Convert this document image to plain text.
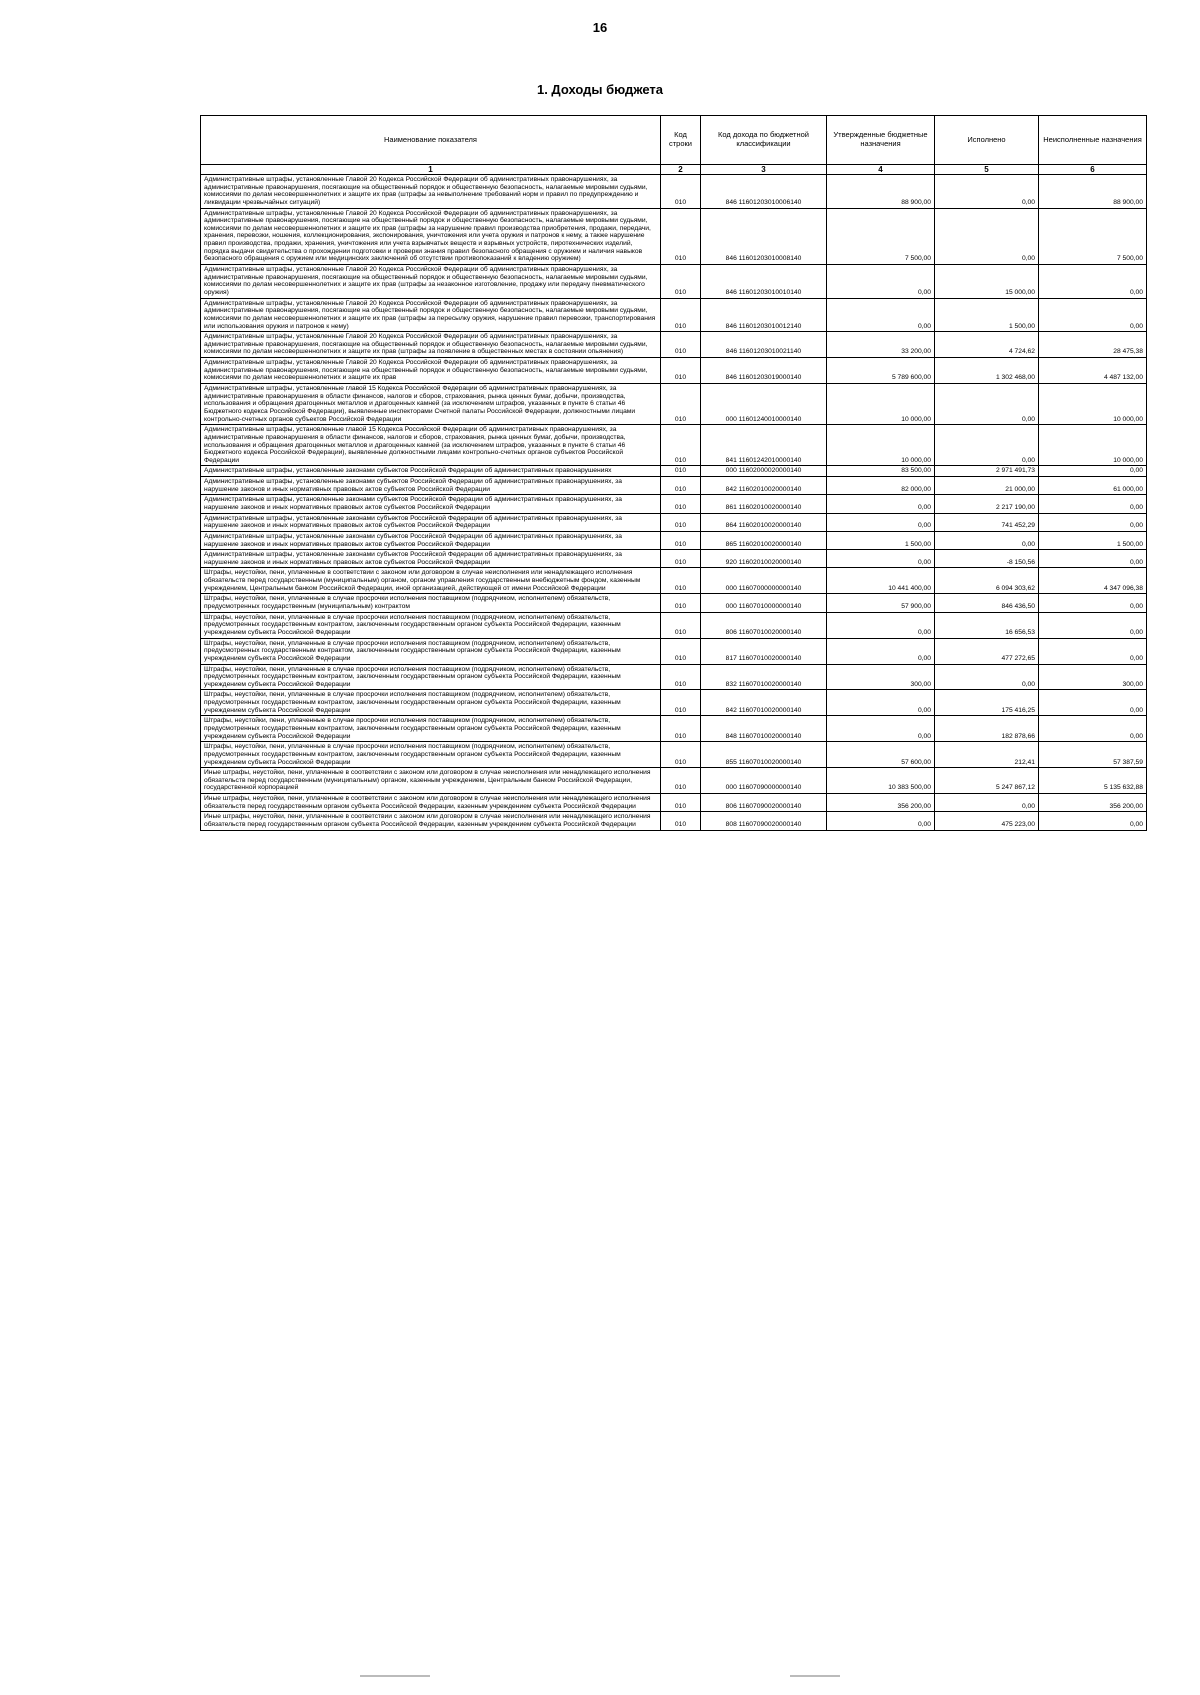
16
1. Доходы бюджета
Наименование показателя	Код строки	Код дохода по бюджетной классификации	Утвержденные бюджетные назначения	Исполнено	Неисполненные назначения
1	2	3	4	5	6
Административные штрафы, установленные Главой 20 Кодекса Российской Федерации об административных правонарушениях, за административные правонарушения, посягающие на общественный порядок и общественную безопасность, налагаемые мировыми судьями, комиссиями по делам несовершеннолетних и защите их прав (штрафы за невыполнение требований норм и правил по предупреждению и ликвидации чрезвычайных ситуаций)	010	846 11601203010006140	88 900,00	0,00	88 900,00
Административные штрафы, установленные Главой 20 Кодекса Российской Федерации об административных правонарушениях, за административные правонарушения, посягающие на общественный порядок и общественную безопасность, налагаемые мировыми судьями, комиссиями по делам несовершеннолетних и защите их прав (штрафы за нарушение правил производства приобретения, продажи, передачи, хранения, перевозки, ношения, коллекционирования, экспонирования, уничтожения или учета оружия и патронов к нему, а также нарушение правил производства, продажи, хранения, уничтожения или учета взрывчатых веществ и взрывных устройств, пиротехнических изделий, порядка выдачи свидетельства о прохождении подготовки и проверки знания правил безопасного обращения с оружием и наличия навыков безопасного обращения с оружием или медицинских заключений об отсутствии противопоказаний к владению оружием)	010	846 11601203010008140	7 500,00	0,00	7 500,00
Административные штрафы, установленные Главой 20 Кодекса Российской Федерации об административных правонарушениях, за административные правонарушения, посягающие на общественный порядок и общественную безопасность, налагаемые мировыми судьями, комиссиями по делам несовершеннолетних и защите их прав (штрафы за незаконное изготовление, продажу или передачу пневматического оружия)	010	846 11601203010010140	0,00	15 000,00	0,00
Административные штрафы, установленные Главой 20 Кодекса Российской Федерации об административных правонарушениях, за административные правонарушения, посягающие на общественный порядок и общественную безопасность, налагаемые мировыми судьями, комиссиями по делам несовершеннолетних и защите их прав (штрафы за пересылку оружия, нарушение правил перевозки, транспортирования или использования оружия и патронов к нему)	010	846 11601203010012140	0,00	1 500,00	0,00
Административные штрафы, установленные Главой 20 Кодекса Российской Федерации об административных правонарушениях, за административные правонарушения, посягающие на общественный порядок и общественную безопасность, налагаемые мировыми судьями, комиссиями по делам несовершеннолетних и защите их прав (штрафы за появление в общественных местах в состоянии опьянения)	010	846 11601203010021140	33 200,00	4 724,62	28 475,38
Административные штрафы, установленные Главой 20 Кодекса Российской Федерации об административных правонарушениях, за административные правонарушения, посягающие на общественный порядок и общественную безопасность, налагаемые мировыми судьями, комиссиями по делам несовершеннолетних и защите их прав	010	846 11601203019000140	5 789 600,00	1 302 468,00	4 487 132,00
Административные штрафы, установленные главой 15 Кодекса Российской Федерации об административных правонарушениях, за административные правонарушения в области финансов, налогов и сборов, страхования, рынка ценных бумаг, добычи, производства, использования и обращения драгоценных металлов и драгоценных камней (за исключением штрафов, указанных в пункте 6 статьи 46 Бюджетного кодекса Российской Федерации), выявленные инспекторами Счетной палаты Российской Федерации, должностными лицами контрольно-счетных органов субъектов Российской Федерации	010	000 11601240010000140	10 000,00	0,00	10 000,00
Административные штрафы, установленные главой 15 Кодекса Российской Федерации об административных правонарушениях, за административные правонарушения в области финансов, налогов и сборов, страхования, рынка ценных бумаг, добычи, производства, использования и обращения драгоценных металлов и драгоценных камней (за исключением штрафов, указанных в пункте 6 статьи 46 Бюджетного кодекса Российской Федерации), выявленные должностными лицами контрольно-счетных органов субъектов Российской Федерации	010	841 11601242010000140	10 000,00	0,00	10 000,00
Административные штрафы, установленные законами субъектов Российской Федерации об административных правонарушениях	010	000 11602000020000140	83 500,00	2 971 491,73	0,00
Административные штрафы, установленные законами субъектов Российской Федерации об административных правонарушениях, за нарушение законов и иных нормативных правовых актов субъектов Российской Федерации	010	842 11602010020000140	82 000,00	21 000,00	61 000,00
Административные штрафы, установленные законами субъектов Российской Федерации об административных правонарушениях, за нарушение законов и иных нормативных правовых актов субъектов Российской Федерации	010	861 11602010020000140	0,00	2 217 190,00	0,00
Административные штрафы, установленные законами субъектов Российской Федерации об административных правонарушениях, за нарушение законов и иных нормативных правовых актов субъектов Российской Федерации	010	864 11602010020000140	0,00	741 452,29	0,00
Административные штрафы, установленные законами субъектов Российской Федерации об административных правонарушениях, за нарушение законов и иных нормативных правовых актов субъектов Российской Федерации	010	865 11602010020000140	1 500,00	0,00	1 500,00
Административные штрафы, установленные законами субъектов Российской Федерации об административных правонарушениях, за нарушение законов и иных нормативных правовых актов субъектов Российской Федерации	010	920 11602010020000140	0,00	-8 150,56	0,00
Штрафы, неустойки, пени, уплаченные в соответствии с законом или договором в случае неисполнения или ненадлежащего исполнения обязательств перед государственным (муниципальным) органом, органом управления государственным внебюджетным фондом, казенным учреждением, Центральным банком Российской Федерации, иной организацией, действующей от имени Российской Федерации	010	000 11607000000000140	10 441 400,00	6 094 303,62	4 347 096,38
Штрафы, неустойки, пени, уплаченные в случае просрочки исполнения поставщиком (подрядчиком, исполнителем) обязательств, предусмотренных государственным (муниципальным) контрактом	010	000 11607010000000140	57 900,00	846 436,50	0,00
Штрафы, неустойки, пени, уплаченные в случае просрочки исполнения поставщиком (подрядчиком, исполнителем) обязательств, предусмотренных государственным контрактом, заключенным государственным органом субъекта Российской Федерации, казенным учреждением субъекта Российской Федерации	010	806 11607010020000140	0,00	16 656,53	0,00
Штрафы, неустойки, пени, уплаченные в случае просрочки исполнения поставщиком (подрядчиком, исполнителем) обязательств, предусмотренных государственным контрактом, заключенным государственным органом субъекта Российской Федерации, казенным учреждением субъекта Российской Федерации	010	817 11607010020000140	0,00	477 272,65	0,00
Штрафы, неустойки, пени, уплаченные в случае просрочки исполнения поставщиком (подрядчиком, исполнителем) обязательств, предусмотренных государственным контрактом, заключенным государственным органом субъекта Российской Федерации, казенным учреждением субъекта Российской Федерации	010	832 11607010020000140	300,00	0,00	300,00
Штрафы, неустойки, пени, уплаченные в случае просрочки исполнения поставщиком (подрядчиком, исполнителем) обязательств, предусмотренных государственным контрактом, заключенным государственным органом субъекта Российской Федерации, казенным учреждением субъекта Российской Федерации	010	842 11607010020000140	0,00	175 416,25	0,00
Штрафы, неустойки, пени, уплаченные в случае просрочки исполнения поставщиком (подрядчиком, исполнителем) обязательств, предусмотренных государственным контрактом, заключенным государственным органом субъекта Российской Федерации, казенным учреждением субъекта Российской Федерации	010	848 11607010020000140	0,00	182 878,66	0,00
Штрафы, неустойки, пени, уплаченные в случае просрочки исполнения поставщиком (подрядчиком, исполнителем) обязательств, предусмотренных государственным контрактом, заключенным государственным органом субъекта Российской Федерации, казенным учреждением субъекта Российской Федерации	010	855 11607010020000140	57 600,00	212,41	57 387,59
Иные штрафы, неустойки, пени, уплаченные в соответствии с законом или договором в случае неисполнения или ненадлежащего исполнения обязательств перед государственным (муниципальным) органом, казенным учреждением, Центральным банком Российской Федерации, государственной корпорацией	010	000 11607090000000140	10 383 500,00	5 247 867,12	5 135 632,88
Иные штрафы, неустойки, пени, уплаченные в соответствии с законом или договором в случае неисполнения или ненадлежащего исполнения обязательств перед государственным органом субъекта Российской Федерации, казенным учреждением субъекта Российской Федерации	010	806 11607090020000140	356 200,00	0,00	356 200,00
Иные штрафы, неустойки, пени, уплаченные в соответствии с законом или договором в случае неисполнения или ненадлежащего исполнения обязательств перед государственным органом субъекта Российской Федерации, казенным учреждением субъекта Российской Федерации	010	808 11607090020000140	0,00	475 223,00	0,00
